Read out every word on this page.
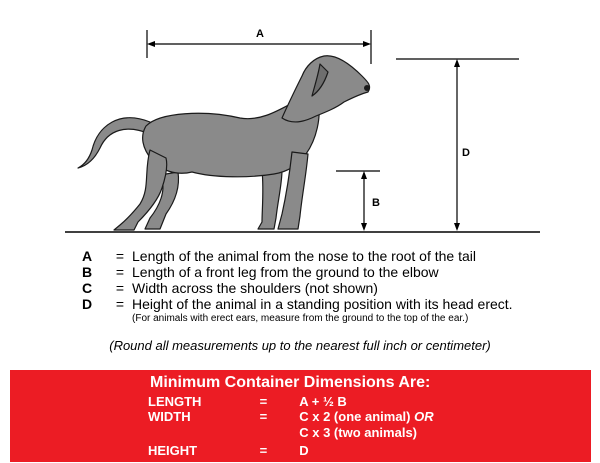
A
B
D
A	= Length of the animal from the nose to the root of the tail
B	= Length of a front leg from the ground to the elbow
C	= Width across the shoulders (not shown)
D	= Height of the animal in a standing position with its head erect.
(For animals with erect ears, measure from the ground to the top of the ear.)
(Round all measurements up to the nearest full inch or centimeter)
Minimum Container Dimensions Are:
LENGTH	= A + ½ B
WIDTH	= C x 2 (one animal) OR
C x 3 (two animals)
HEIGHT	= D
